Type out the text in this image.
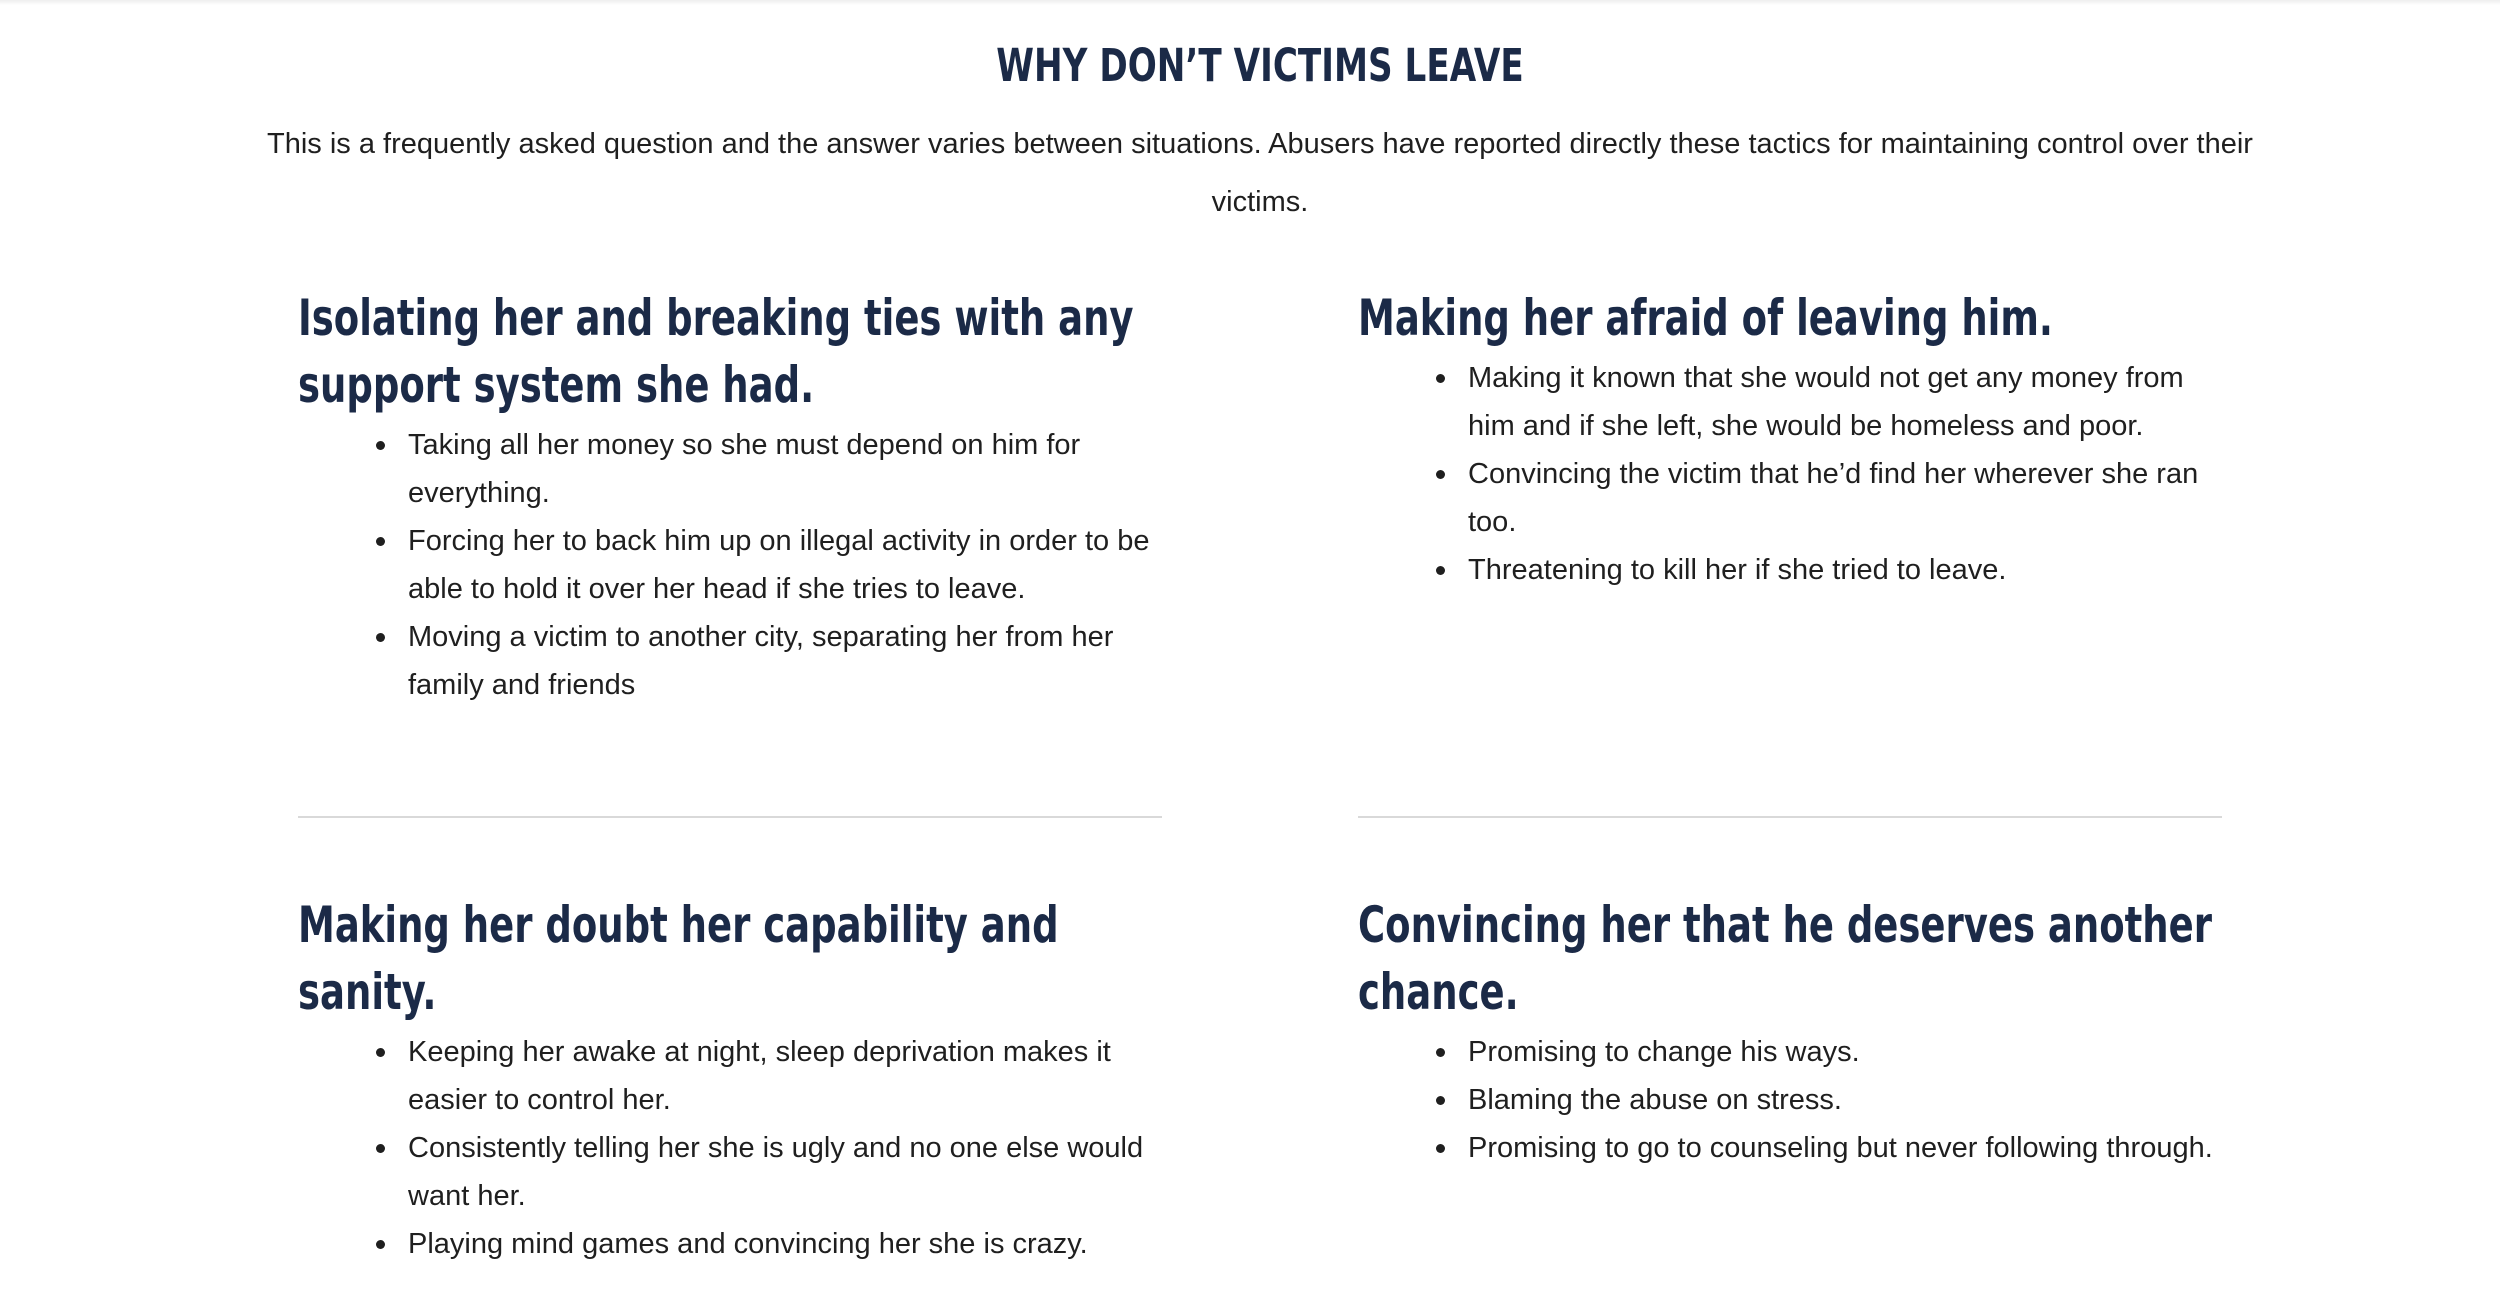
WHY DON’T VICTIMS LEAVE

This is a frequently asked question and the answer varies between situations. Abusers have reported directly these tactics for maintaining control over their victims.

Isolating her and breaking ties with any support system she had.
Taking all her money so she must depend on him for everything.
Forcing her to back him up on illegal activity in order to be able to hold it over her head if she tries to leave.
Moving a victim to another city, separating her from her family and friends
Making her afraid of leaving him.
Making it known that she would not get any money from him and if she left, she would be homeless and poor.
Convincing the victim that he’d find her wherever she ran too.
Threatening to kill her if she tried to leave.
Making her doubt her capability and sanity.
Keeping her awake at night, sleep deprivation makes it easier to control her.
Consistently telling her she is ugly and no one else would want her.
Playing mind games and convincing her she is crazy.
Convincing her that he deserves another chance.
Promising to change his ways.
Blaming the abuse on stress.
Promising to go to counseling but never following through.
